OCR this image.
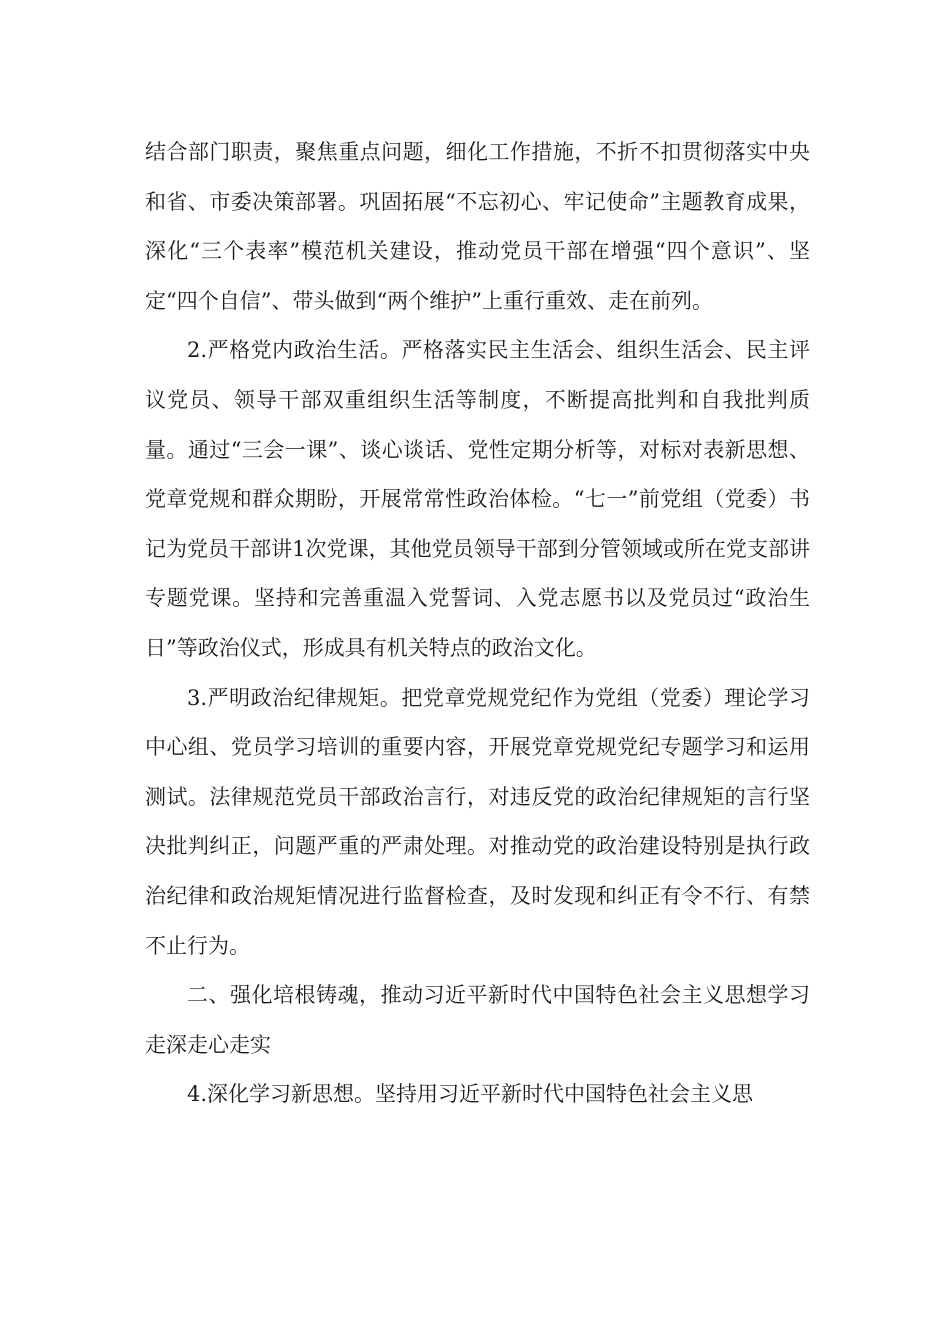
结合部门职责，聚焦重点问题，细化工作措施，不折不扣贯彻落实中央和省、市委决策部署。巩固拓展“不忘初心、牢记使命”主题教育成果，深化“三个表率”模范机关建设，推动党员干部在增强“四个意识”、坚定“四个自信”、带头做到“两个维护”上重行重效、走在前列。

2.严格党内政治生活。严格落实民主生活会、组织生活会、民主评议党员、领导干部双重组织生活等制度，不断提高批判和自我批判质量。通过“三会一课”、谈心谈话、党性定期分析等，对标对表新思想、党章党规和群众期盼，开展常常性政治体检。“七一”前党组（党委）书记为党员干部讲1次党课，其他党员领导干部到分管领域或所在党支部讲专题党课。坚持和完善重温入党誓词、入党志愿书以及党员过“政治生日”等政治仪式，形成具有机关特点的政治文化。

3.严明政治纪律规矩。把党章党规党纪作为党组（党委）理论学习中心组、党员学习培训的重要内容，开展党章党规党纪专题学习和运用测试。法律规范党员干部政治言行，对违反党的政治纪律规矩的言行坚决批判纠正，问题严重的严肃处理。对推动党的政治建设特别是执行政治纪律和政治规矩情况进行监督检查，及时发现和纠正有令不行、有禁不止行为。

二、强化培根铸魂，推动习近平新时代中国特色社会主义思想学习走深走心走实

4.深化学习新思想。坚持用习近平新时代中国特色社会主义思
